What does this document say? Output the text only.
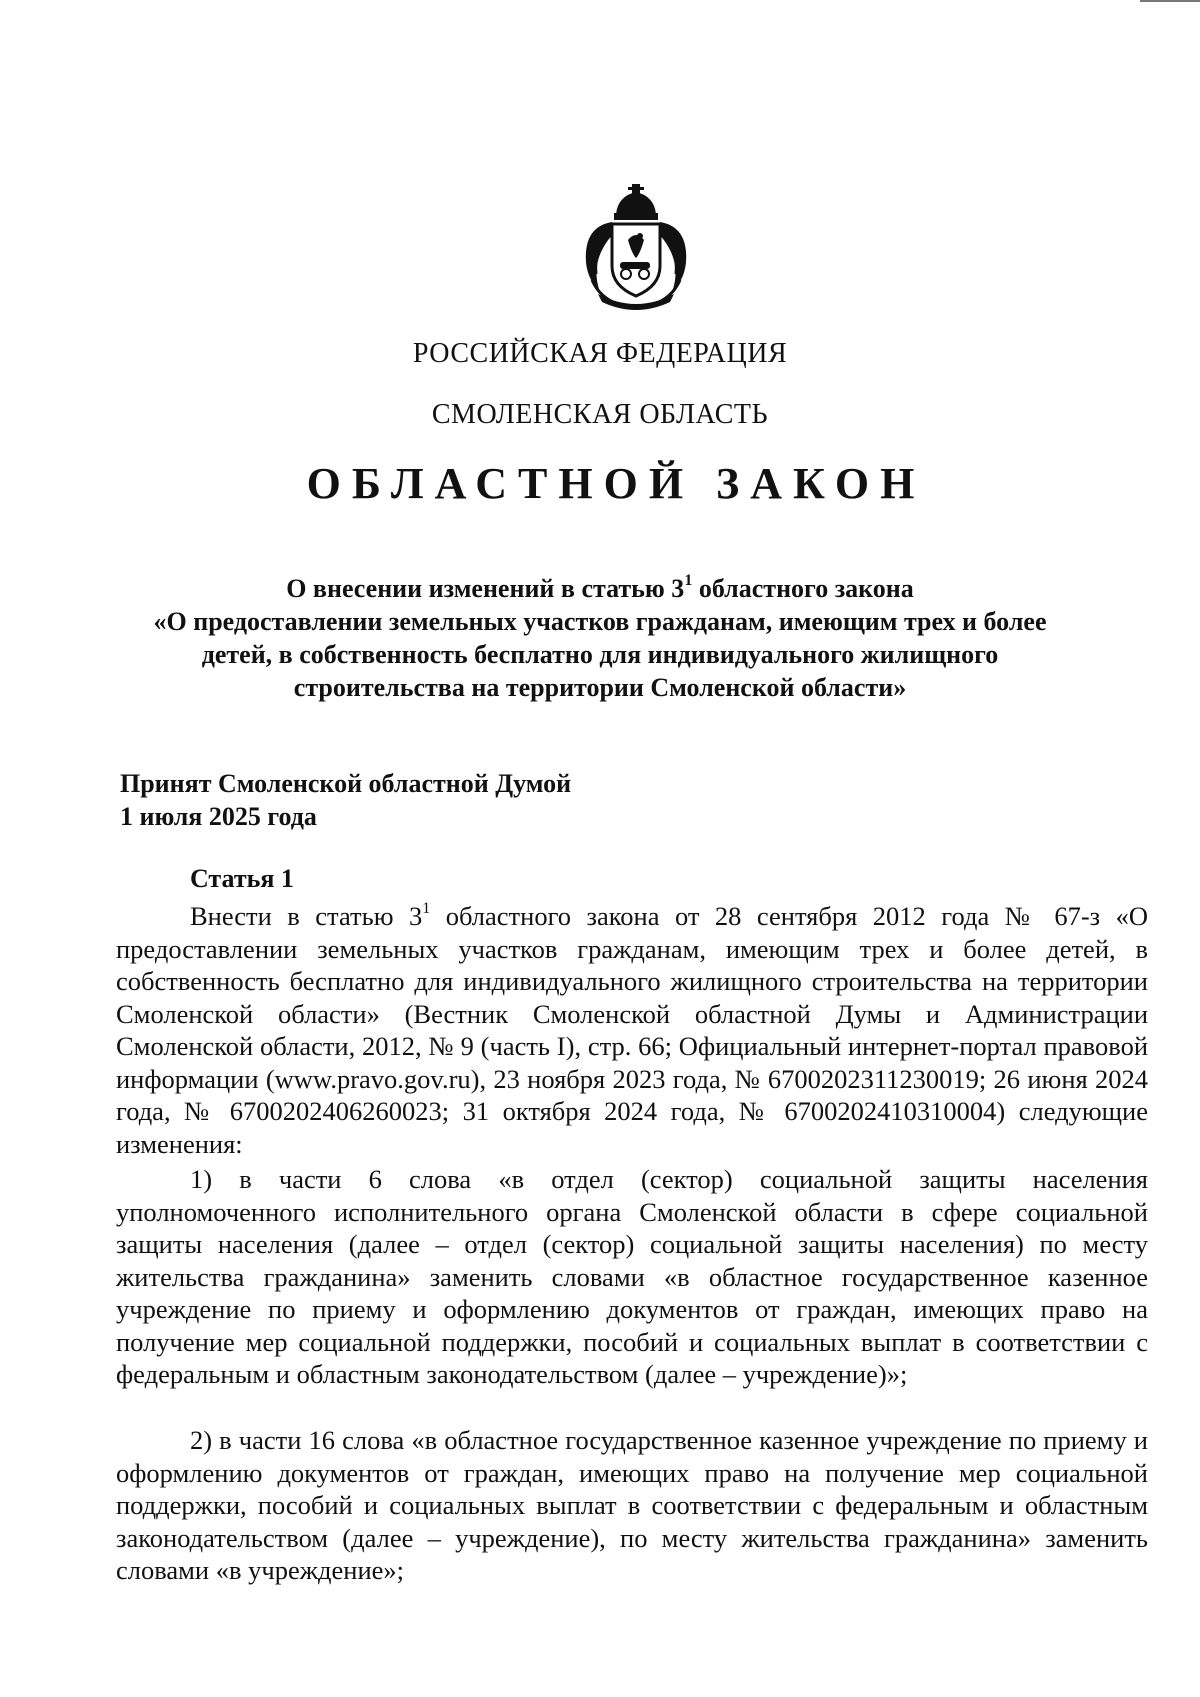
РОССИЙСКАЯ ФЕДЕРАЦИЯ
СМОЛЕНСКАЯ ОБЛАСТЬ
ОБЛАСТНОЙ ЗАКОН
О внесении изменений в статью $3^1$ областного закона
«О предоставлении земельных участков гражданам, имеющим трех и более детей, в собственность бесплатно для индивидуального жилищного строительства на территории Смоленской области»
Принят Смоленской областной Думой
1 июля 2025 года
Статья 1
Внести в статью $3^1$ областного закона от 28 сентября 2012 года № 67-з «О предоставлении земельных участков гражданам, имеющим трех и более детей, в собственность бесплатно для индивидуального жилищного строительства на территории Смоленской области» (Вестник Смоленской областной Думы и Администрации Смоленской области, 2012, № 9 (часть I), стр. 66; Официальный интернет-портал правовой информации (www.pravo.gov.ru), 23 ноября 2023 года, № 6700202311230019; 26 июня 2024 года, № 6700202406260023; 31 октября 2024 года, № 6700202410310004) следующие изменения:
1) в части 6 слова «в отдел (сектор) социальной защиты населения уполномоченного исполнительного органа Смоленской области в сфере социальной защиты населения (далее – отдел (сектор) социальной защиты населения) по месту жительства гражданина» заменить словами «в областное государственное казенное учреждение по приему и оформлению документов от граждан, имеющих право на получение мер социальной поддержки, пособий и социальных выплат в соответствии с федеральным и областным законодательством (далее – учреждение)»;
2) в части 16 слова «в областное государственное казенное учреждение по приему и оформлению документов от граждан, имеющих право на получение мер социальной поддержки, пособий и социальных выплат в соответствии с федеральным и областным законодательством (далее – учреждение), по месту жительства гражданина» заменить словами «в учреждение»;
